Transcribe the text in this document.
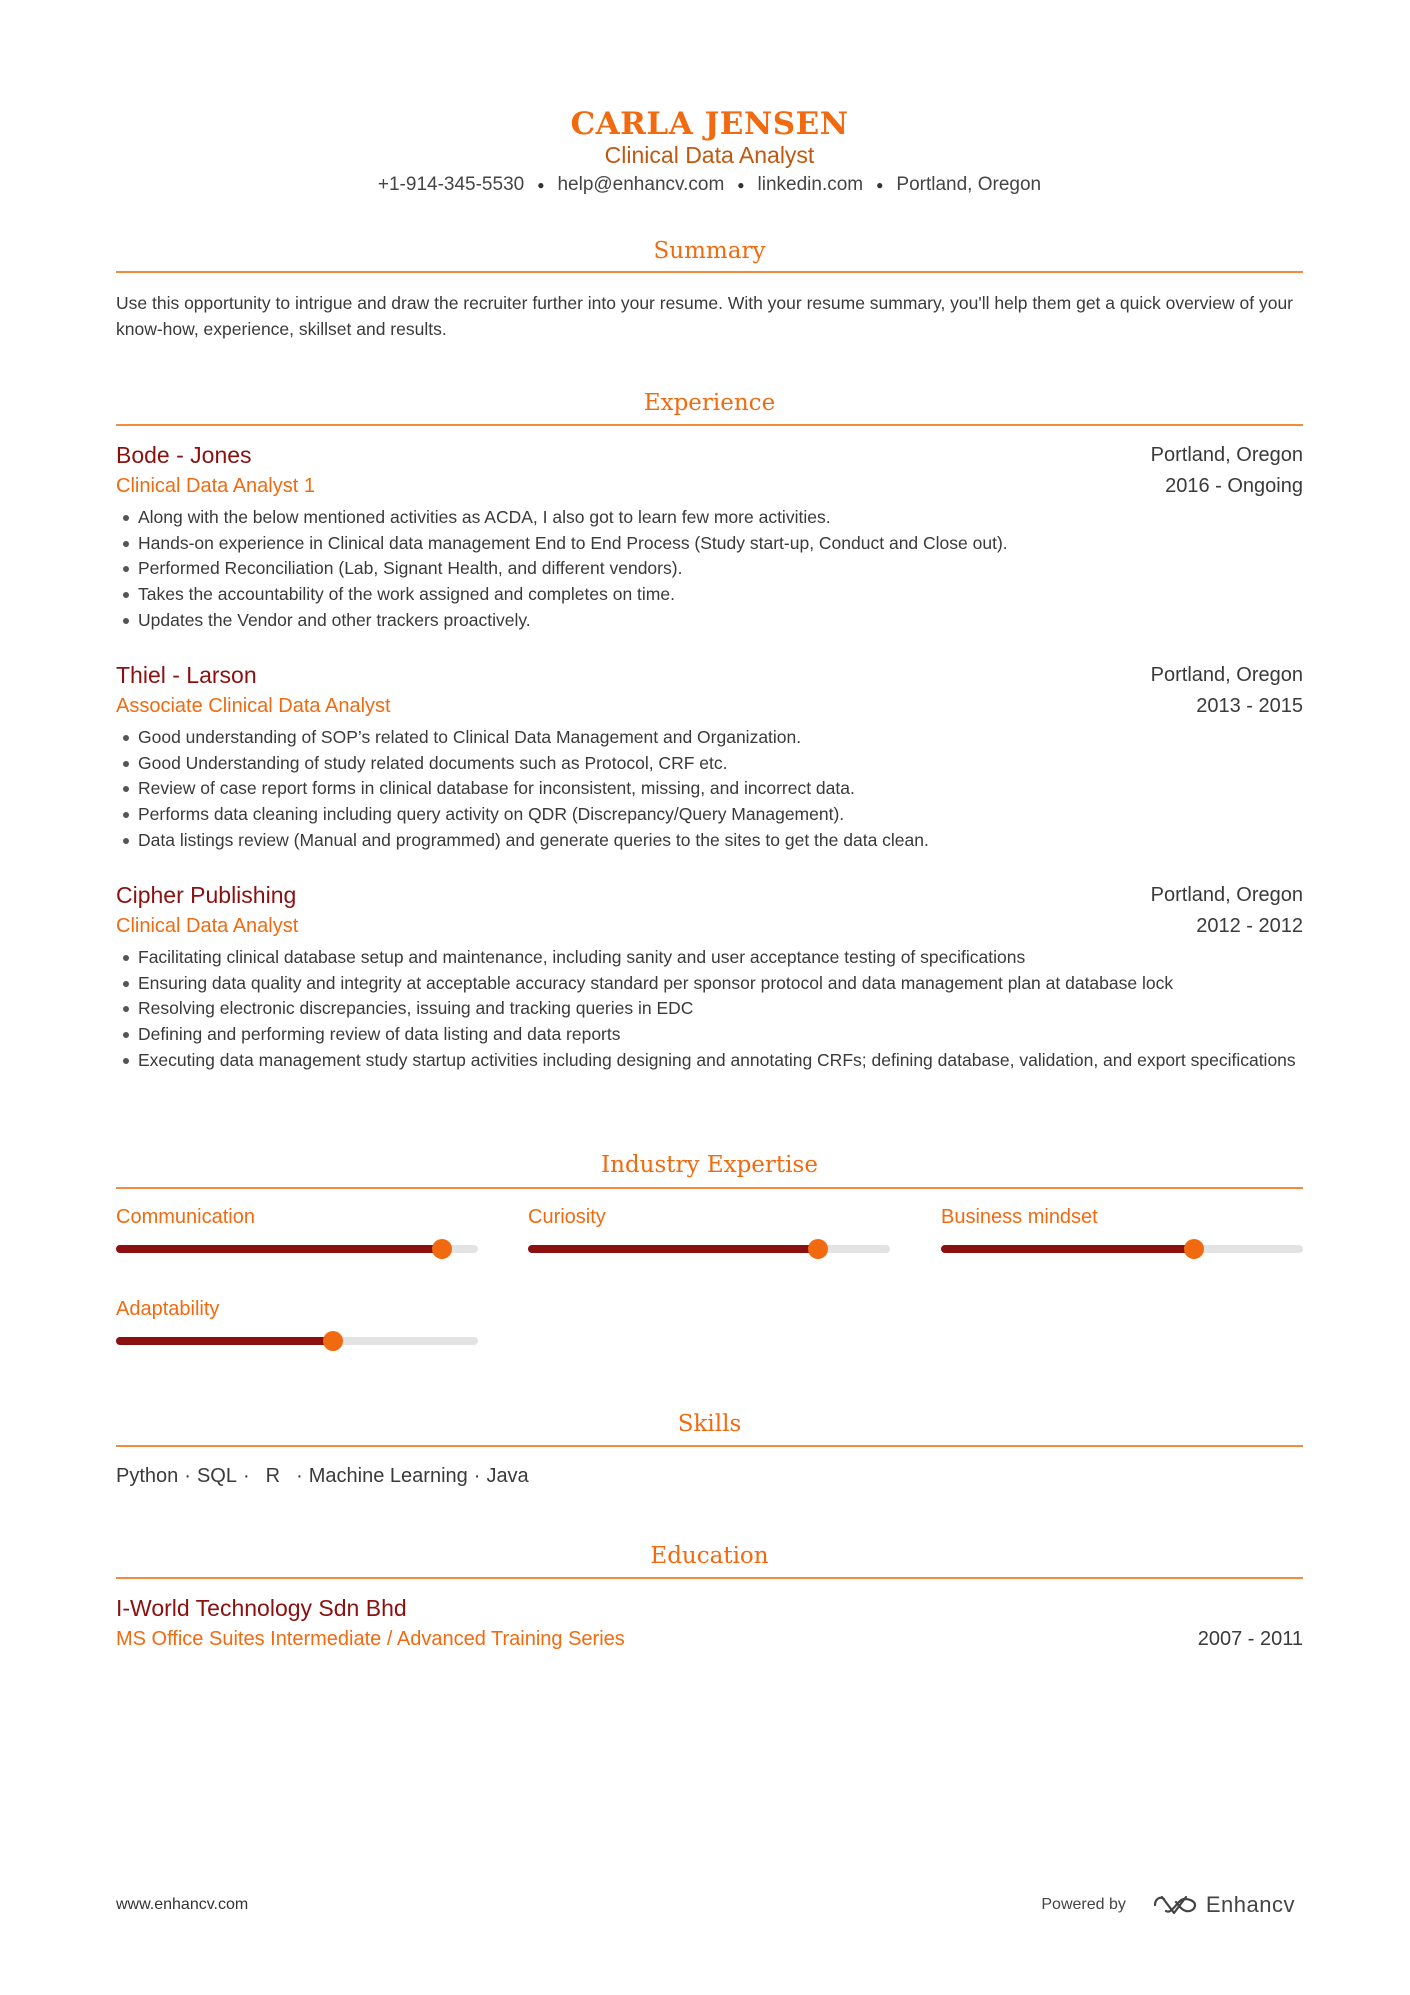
CARLA JENSEN
Clinical Data Analyst
+1-914-345-5530 ● help@enhancv.com ● linkedin.com ● Portland, Oregon
Summary
Use this opportunity to intrigue and draw the recruiter further into your resume. With your resume summary, you'll help them get a quick overview of your know-how, experience, skillset and results.
Experience
Bode - Jones	Portland, Oregon
Clinical Data Analyst 1	2016 - Ongoing
Along with the below mentioned activities as ACDA, I also got to learn few more activities.
Hands-on experience in Clinical data management End to End Process (Study start-up, Conduct and Close out).
Performed Reconciliation (Lab, Signant Health, and different vendors).
Takes the accountability of the work assigned and completes on time.
Updates the Vendor and other trackers proactively.
Thiel - Larson	Portland, Oregon
Associate Clinical Data Analyst	2013 - 2015
Good understanding of SOP’s related to Clinical Data Management and Organization.
Good Understanding of study related documents such as Protocol, CRF etc.
Review of case report forms in clinical database for inconsistent, missing, and incorrect data.
Performs data cleaning including query activity on QDR (Discrepancy/Query Management).
Data listings review (Manual and programmed) and generate queries to the sites to get the data clean.
Cipher Publishing	Portland, Oregon
Clinical Data Analyst	2012 - 2012
Facilitating clinical database setup and maintenance, including sanity and user acceptance testing of specifications
Ensuring data quality and integrity at acceptable accuracy standard per sponsor protocol and data management plan at database lock
Resolving electronic discrepancies, issuing and tracking queries in EDC
Defining and performing review of data listing and data reports
Executing data management study startup activities including designing and annotating CRFs; defining database, validation, and export specifications
Industry Expertise
Communication	Curiosity	Business mindset
Adaptability
Skills
Python · SQL · R · Machine Learning · Java
Education
I-World Technology Sdn Bhd
MS Office Suites Intermediate / Advanced Training Series	2007 - 2011
www.enhancv.com	Powered by	Enhancv
